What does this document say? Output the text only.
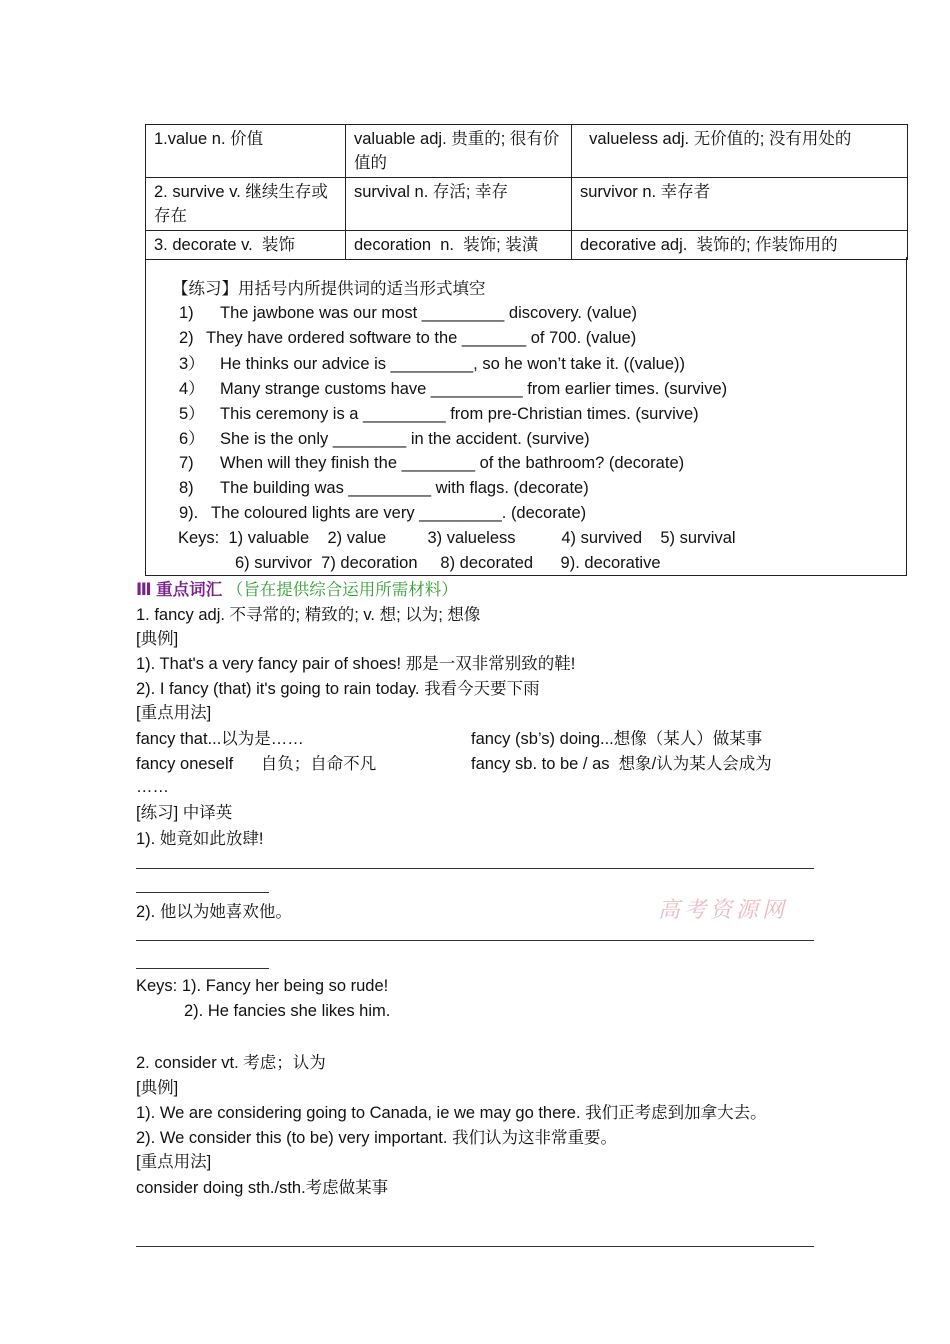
1.value n. 价值	valuable adj. 贵重的; 很有价值的	valueless adj. 无价值的; 没有用处的
2. survive v. 继续生存或存在	survival n. 存活; 幸存	survivor n. 幸存者
3. decorate v.  装饰	decoration  n.  装饰; 装潢	decorative adj.  装饰的; 作装饰用的
【练习】用括号内所提供词的适当形式填空
1) The jawbone was our most _________ discovery. (value)
2) They have ordered software to the _______ of 700. (value)
3） He thinks our advice is _________, so he won’t take it. ((value))
4） Many strange customs have __________ from earlier times. (survive)
5） This ceremony is a _________ from pre-Christian times. (survive)
6） She is the only ________ in the accident. (survive)
7) When will they finish the ________ of the bathroom? (decorate)
8) The building was _________ with flags. (decorate)
9). The coloured lights are very _________. (decorate)
Keys:  1) valuable    2) value         3) valueless          4) survived    5) survival
6) survivor  7) decoration     8) decorated      9). decorative
Ⅲ 重点词汇 （旨在提供综合运用所需材料）
1. fancy adj. 不寻常的; 精致的; v. 想; 以为; 想像
[典例]
1). That's a very fancy pair of shoes! 那是一双非常别致的鞋!
2). I fancy (that) it's going to rain today. 我看今天要下雨
[重点用法]
fancy that...以为是……	fancy (sb’s) doing...想像（某人）做某事
fancy oneself      自负；自命不凡	fancy sb. to be / as  想象/认为某人会成为
……
[练习] 中译英
1). 她竟如此放肆!
2). 他以为她喜欢他。	高考资源网
Keys: 1). Fancy her being so rude!
2). He fancies she likes him.
2. consider vt. 考虑；认为
[典例]
1). We are considering going to Canada, ie we may go there. 我们正考虑到加拿大去。
2). We consider this (to be) very important. 我们认为这非常重要。
[重点用法]
consider doing sth./sth.考虑做某事
